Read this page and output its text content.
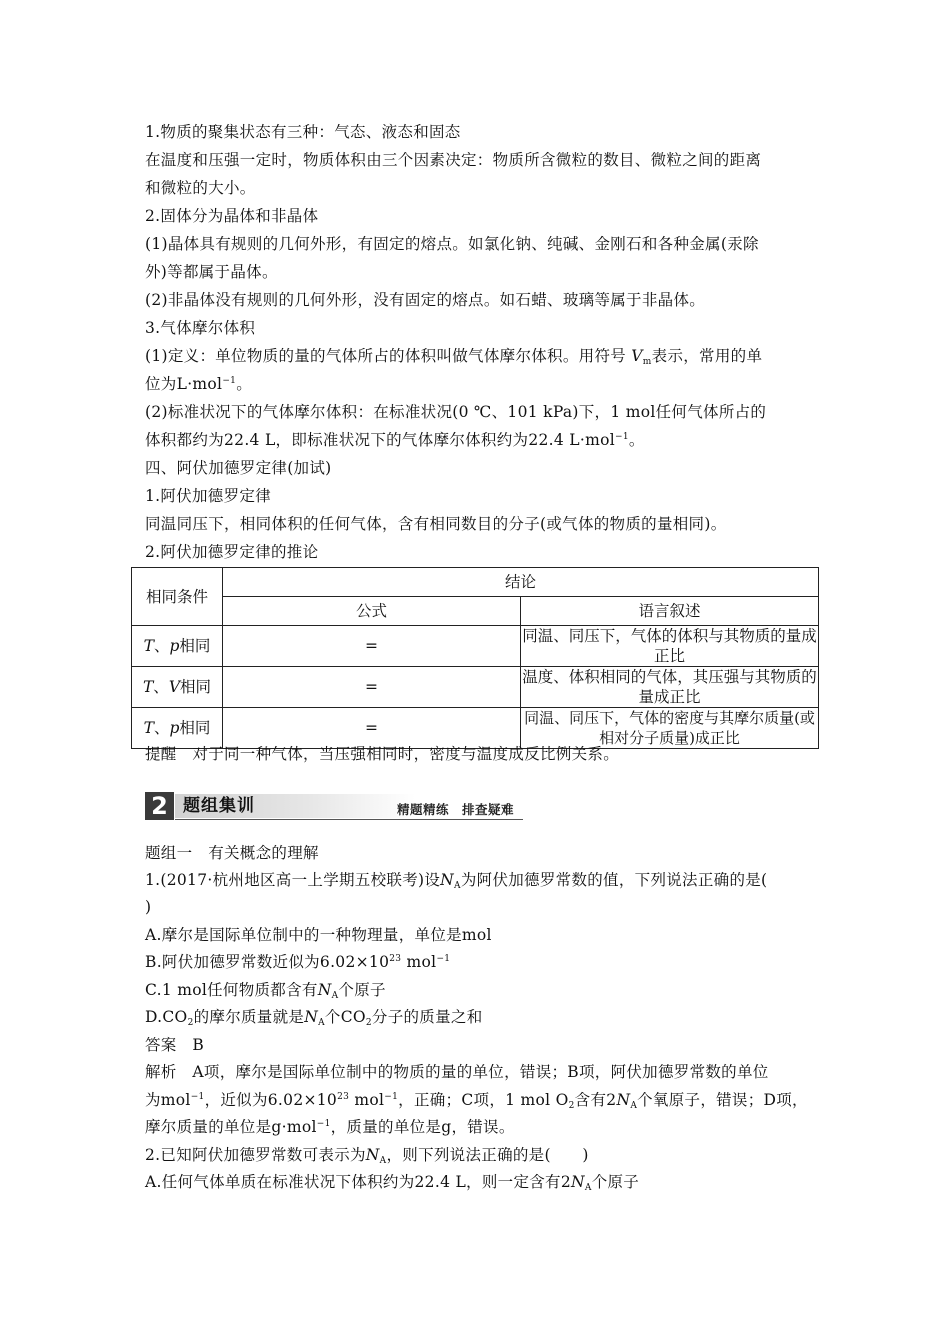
1.物质的聚集状态有三种：气态、液态和固态
在温度和压强一定时，物质体积由三个因素决定：物质所含微粒的数目、微粒之间的距离
和微粒的大小。
2.固体分为晶体和非晶体
(1)晶体具有规则的几何外形，有固定的熔点。如氯化钠、纯碱、金刚石和各种金属(汞除
外)等都属于晶体。
(2)非晶体没有规则的几何外形，没有固定的熔点。如石蜡、玻璃等属于非晶体。
3.气体摩尔体积
(1)定义：单位物质的量的气体所占的体积叫做气体摩尔体积。用符号 $V_m$表示，常用的单
位为L·mol$^{-1}$。
(2)标准状况下的气体摩尔体积：在标准状况(0 ℃、101 kPa)下，1 mol任何气体所占的
体积都约为22.4 L，即标准状况下的气体摩尔体积约为22.4 L·mol$^{-1}$。
四、阿伏加德罗定律(加试)
1.阿伏加德罗定律
同温同压下，相同体积的任何气体，含有相同数目的分子(或气体的物质的量相同)。
2.阿伏加德罗定律的推论
相同条件	结论	
	公式	语言叙述
T、p相同	=	同温、同压下，气体的体积与其物质的量成正比
T、V相同	=	温度、体积相同的气体，其压强与其物质的量成正比
T、p相同	=	同温、同压下，气体的密度与其摩尔质量(或相对分子质量)成正比
提醒　对于同一种气体，当压强相同时，密度与温度成反比例关系。
2 题组集训	精题精练　排查疑难
题组一　有关概念的理解
1.(2017·杭州地区高一上学期五校联考)设$N_A$为阿伏加德罗常数的值，下列说法正确的是(
)
A.摩尔是国际单位制中的一种物理量，单位是mol
B.阿伏加德罗常数近似为$6.02\times 10^{23}$ mol$^{-1}$
C.1 mol任何物质都含有$N_A$个原子
$D.CO_2$的摩尔质量就是$N_A$个$CO_2$分子的质量之和
答案　B
解析　A项，摩尔是国际单位制中的物质的量的单位，错误；B项，阿伏加德罗常数的单位
为mol$^{-1}$，近似为$6.02\times 10^{23}$ mol$^{-1}$，正确；C项，1 mol $O_2$含有$2N_A$个氧原子，错误；D项，
摩尔质量的单位是g·mol$^{-1}$，质量的单位是g，错误。
2.已知阿伏加德罗常数可表示为$N_A$，则下列说法正确的是(　　)
A.任何气体单质在标准状况下体积约为22.4 L，则一定含有$2N_A$个原子
